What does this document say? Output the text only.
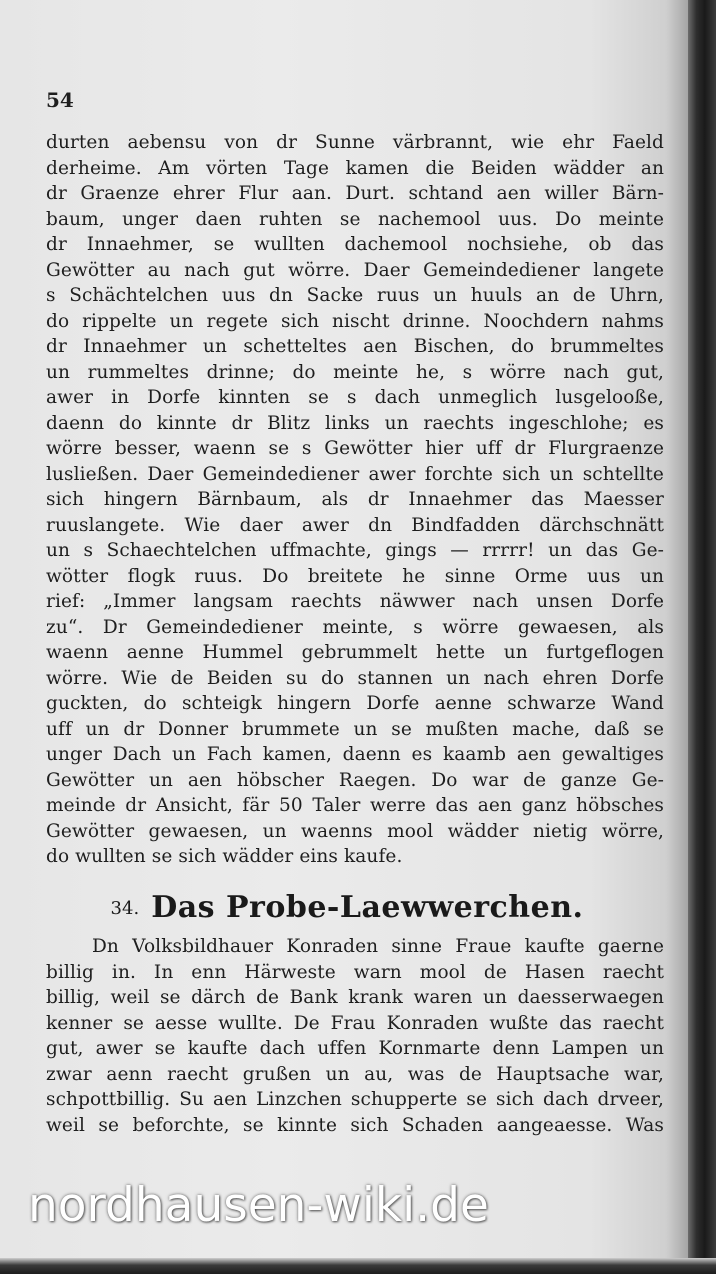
54
durten aebensu von dr Sunne värbrannt, wie ehr Faeld
derheime. Am vörten Tage kamen die Beiden wädder an
dr Graenze ehrer Flur aan. Durt. schtand aen willer Bärn-
baum, unger daen ruhten se nachemool uus. Do meinte
dr Innaehmer, se wullten dachemool nochsiehe, ob das
Gewötter au nach gut wörre. Daer Gemeindediener langete
s Schächtelchen uus dn Sacke ruus un huuls an de Uhrn,
do rippelte un regete sich nischt drinne. Noochdern nahms
dr Innaehmer un schetteltes aen Bischen, do brummeltes
un rummeltes drinne; do meinte he, s wörre nach gut,
awer in Dorfe kinnten se s dach unmeglich lusgelooße,
daenn do kinnte dr Blitz links un raechts ingeschlohe; es
wörre besser, waenn se s Gewötter hier uff dr Flurgraenze
lusließen. Daer Gemeindediener awer forchte sich un schtellte
sich hingern Bärnbaum, als dr Innaehmer das Maesser
ruuslangete. Wie daer awer dn Bindfadden därchschnätt
un s Schaechtelchen uffmachte, gings — rrrrr! un das Ge-
wötter flogk ruus. Do breitete he sinne Orme uus un
rief: „Immer langsam raechts näwwer nach unsen Dorfe
zu“. Dr Gemeindediener meinte, s wörre gewaesen, als
waenn aenne Hummel gebrummelt hette un furtgeflogen
wörre. Wie de Beiden su do stannen un nach ehren Dorfe
guckten, do schteigk hingern Dorfe aenne schwarze Wand
uff un dr Donner brummete un se mußten mache, daß se
unger Dach un Fach kamen, daenn es kaamb aen gewaltiges
Gewötter un aen höbscher Raegen. Do war de ganze Ge-
meinde dr Ansicht, fär 50 Taler werre das aen ganz höbsches
Gewötter gewaesen, un waenns mool wädder nietig wörre,
do wullten se sich wädder eins kaufe.
34. Das Probe-Laewwerchen.
Dn Volksbildhauer Konraden sinne Fraue kaufte gaerne
billig in. In enn Härweste warn mool de Hasen raecht
billig, weil se därch de Bank krank waren un daesserwaegen
kenner se aesse wullte. De Frau Konraden wußte das raecht
gut, awer se kaufte dach uffen Kornmarte denn Lampen un
zwar aenn raecht grußen un au, was de Hauptsache war,
schpottbillig. Su aen Linzchen schupperte se sich dach drveer,
weil se beforchte, se kinnte sich Schaden aangeaesse. Was
nordhausen-wiki.de
